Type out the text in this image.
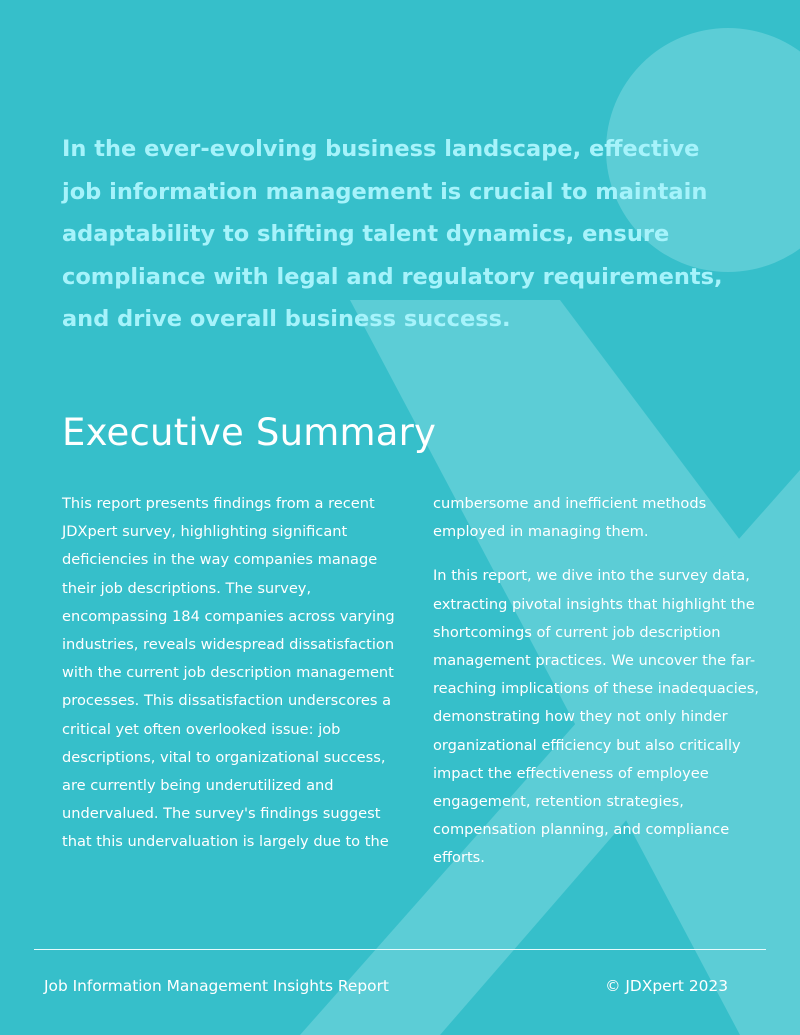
In the ever-evolving business landscape, effective job information management is crucial to maintain adaptability to shifting talent dynamics, ensure compliance with legal and regulatory requirements, and drive overall business success.

Executive Summary

This report presents findings from a recent JDXpert survey, highlighting significant deficiencies in the way companies manage their job descriptions. The survey, encompassing 184 companies across varying industries, reveals widespread dissatisfaction with the current job description management processes. This dissatisfaction underscores a critical yet often overlooked issue: job descriptions, vital to organizational success, are currently being underutilized and undervalued. The survey's findings suggest that this undervaluation is largely due to the

cumbersome and inefficient methods employed in managing them.

In this report, we dive into the survey data, extracting pivotal insights that highlight the shortcomings of current job description management practices. We uncover the far-reaching implications of these inadequacies, demonstrating how they not only hinder organizational efficiency but also critically impact the effectiveness of employee engagement, retention strategies, compensation planning, and compliance efforts.

Job Information Management Insights Report	© JDXpert 2023
